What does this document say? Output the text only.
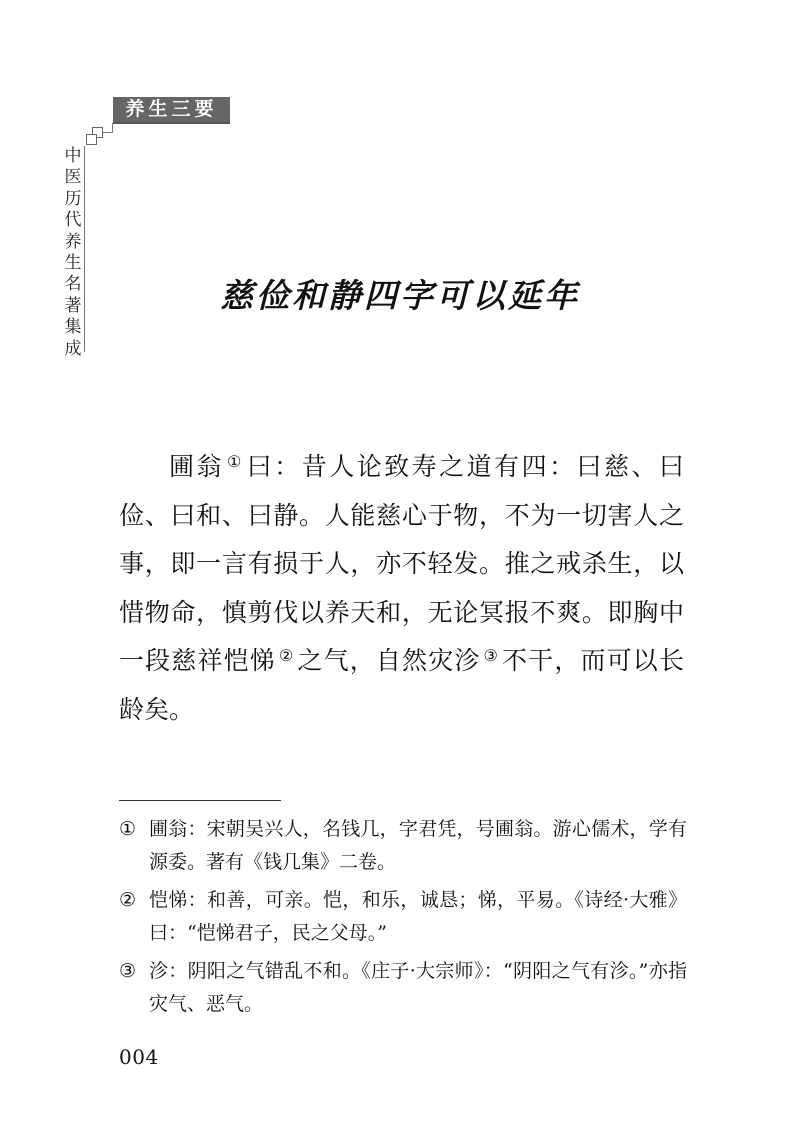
养生三要
中医历代养生名著集成
慈俭和静四字可以延年

圃翁 ① 曰：昔人论致寿之道有四：曰慈、曰俭、曰和、曰静。人能慈心于物，不为一切害人之事，即一言有损于人，亦不轻发。推之戒杀生，以惜物命，慎剪伐以养天和，无论冥报不爽。即胸中一段慈祥恺悌 ② 之气，自然灾沴 ③ 不干，而可以长龄矣。

① 圃翁：宋朝吴兴人，名钱几，字君凭，号圃翁。游心儒术，学有源委。著有《钱几集》二卷。
② 恺悌：和善，可亲。恺，和乐，诚恳；悌，平易。《诗经·大雅》曰：“恺悌君子，民之父母。”
③ 沴：阴阳之气错乱不和。《庄子·大宗师》：“阴阳之气有沴。”亦指灾气、恶气。
004
